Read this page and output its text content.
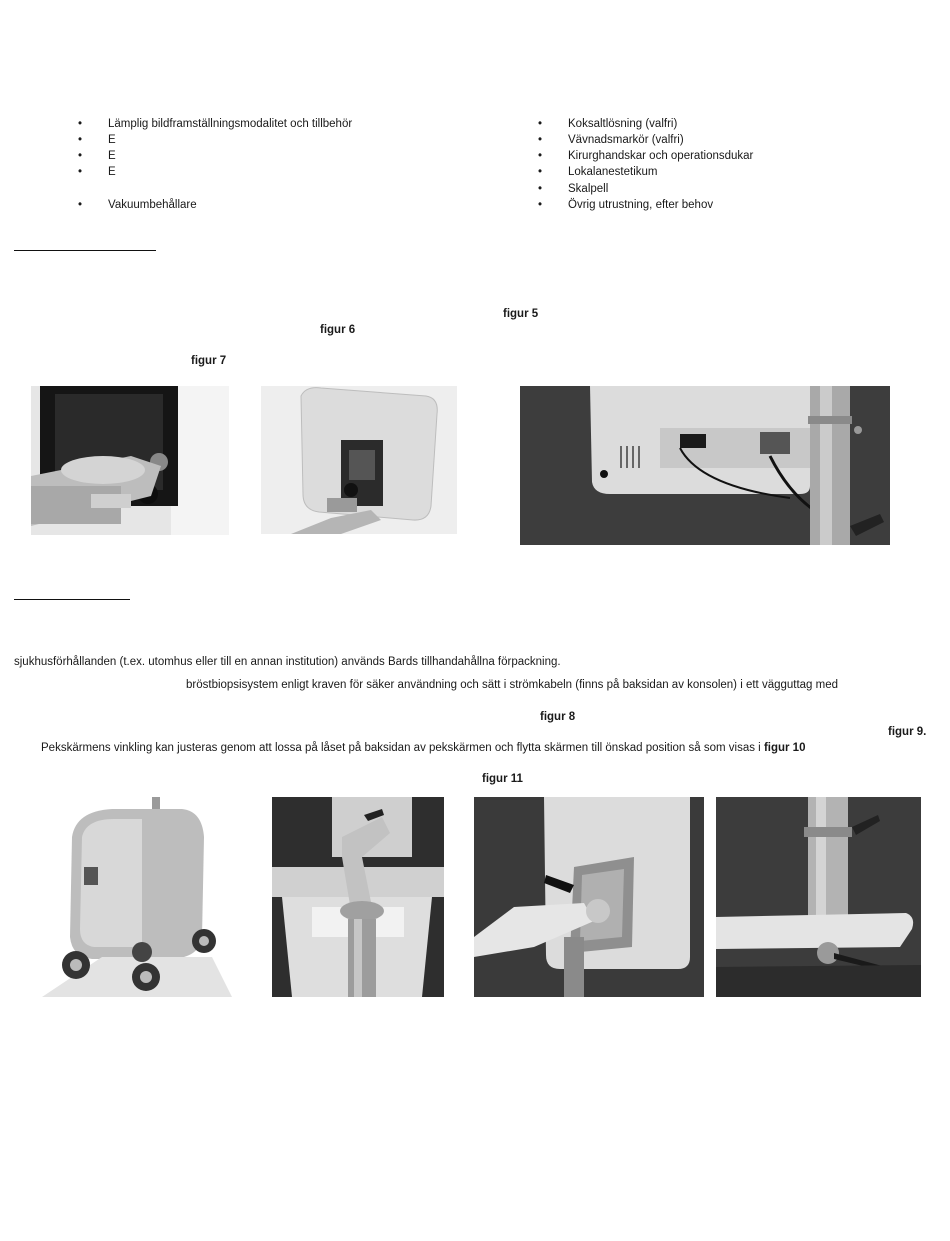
•	Lämplig bildframställningsmodalitet och tillbehör
•	E
•	E
•	E
•	Vakuumbehållare
•	Koksaltlösning (valfri)
•	Vävnadsmarkör (valfri)
•	Kirurghandskar och operationsdukar
•	Lokalanestetikum
•	Skalpell
•	Övrig utrustning, efter behov
figur 5
figur 6
figur 7
sjukhusförhållanden (t.ex. utomhus eller till en annan institution) används Bards tillhandahållna förpackning.
bröstbiopsisystem enligt kraven för säker användning och sätt i strömkabeln (finns på baksidan av konsolen) i ett vägguttag med
figur 8
figur 9.
Pekskärmens vinkling kan justeras genom att lossa på låset på baksidan av pekskärmen och flytta skärmen till önskad position så som visas i figur 10
figur 11
